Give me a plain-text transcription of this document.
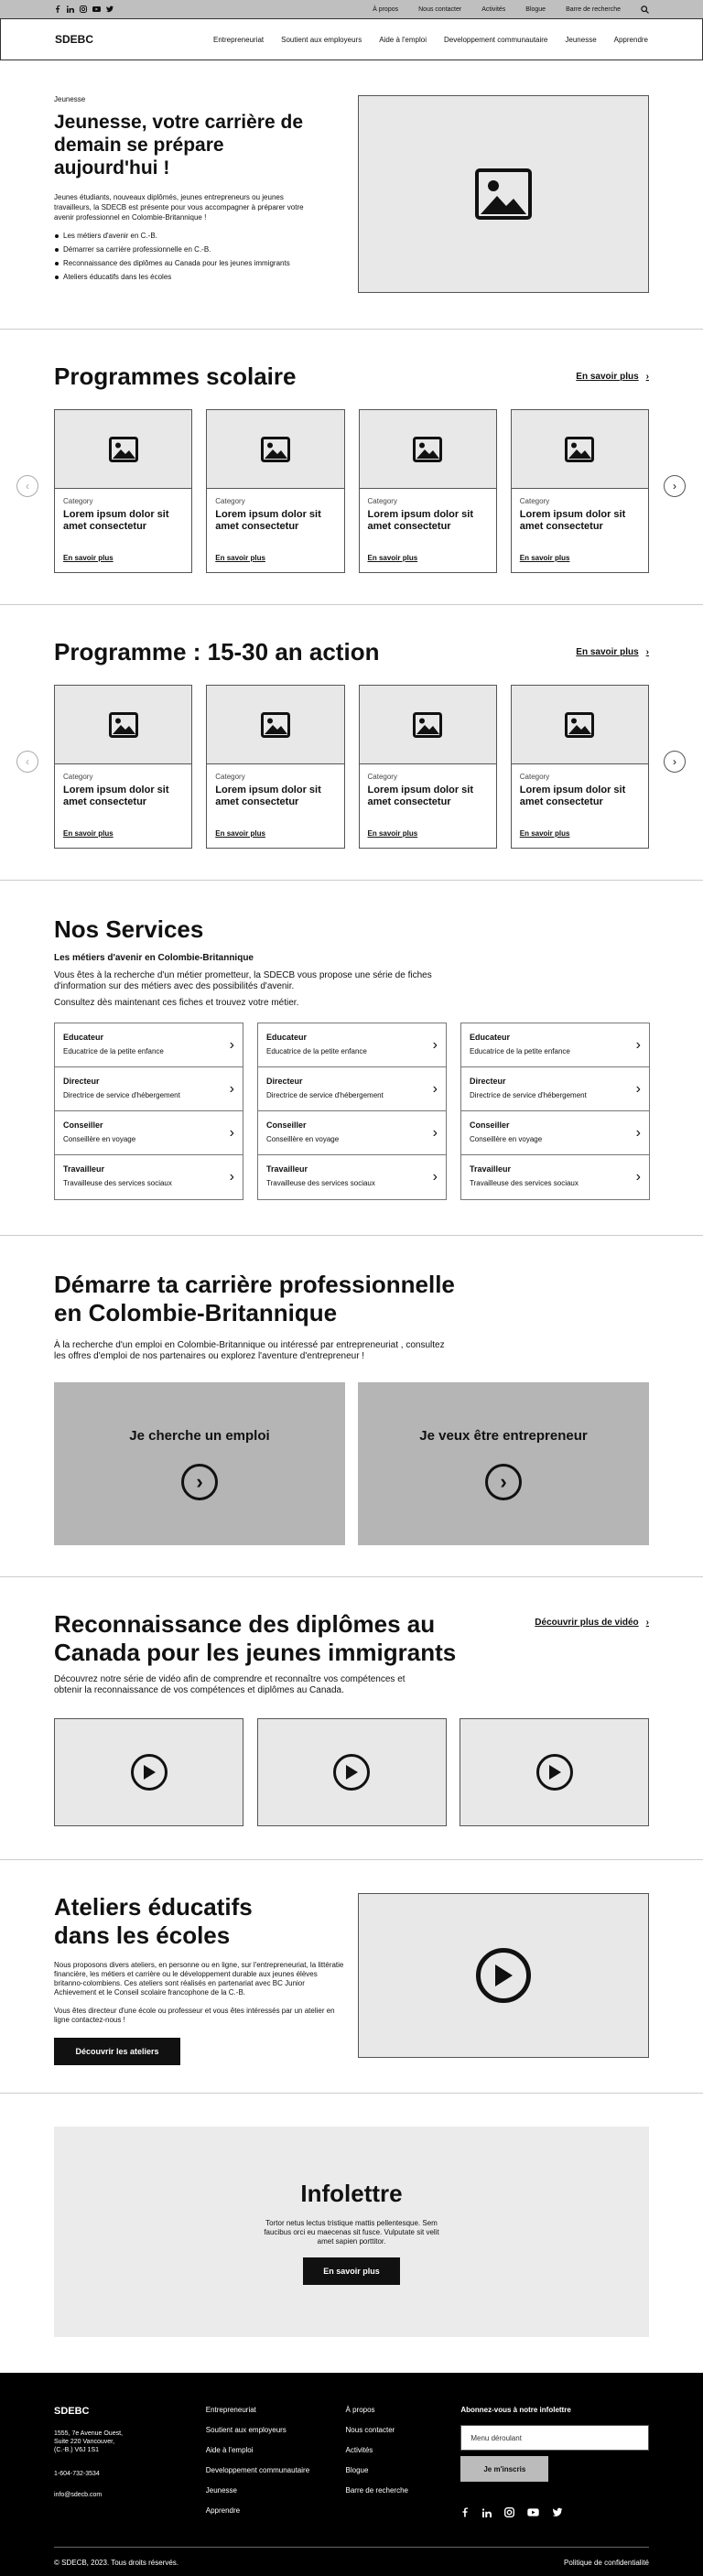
À propos	Nous contacter	Activités	Blogue	Barre de recherche
SDEBC	Entrepreneuriat Soutient aux employeurs Aide à l'emploi Developpement communautaire Jeunesse Apprendre
Jeunesse
Jeunesse, votre carrière de demain se prépare aujourd'hui !

Jeunes étudiants, nouveaux diplômés, jeunes entrepreneurs ou jeunes travailleurs, la SDECB est présente pour vous accompagner à préparer votre avenir professionnel en Colombie-Britannique !

Les métiers d'avenir en C.-B.
Démarrer sa carrière professionnelle en C.-B.
Reconnaissance des diplômes au Canada pour les jeunes immigrants
Ateliers éducatifs dans les écoles
Programmes scolaire	En savoir plus ›
Category
Lorem ipsum dolor sit amet consectetur
En savoir plus
Category
Lorem ipsum dolor sit amet consectetur
En savoir plus
Category
Lorem ipsum dolor sit amet consectetur
En savoir plus
Category
Lorem ipsum dolor sit amet consectetur
En savoir plus
‹	›
Programme : 15-30 an action	En savoir plus ›
Category
Lorem ipsum dolor sit amet consectetur
En savoir plus
Category
Lorem ipsum dolor sit amet consectetur
En savoir plus
Category
Lorem ipsum dolor sit amet consectetur
En savoir plus
Category
Lorem ipsum dolor sit amet consectetur
En savoir plus
‹	›
Nos Services
Les métiers d'avenir en Colombie-Britannique

Vous êtes à la recherche d'un métier prometteur, la SDECB vous propose une série de fiches d'information sur des métiers avec des possibilités d'avenir.

Consultez dès maintenant ces fiches et trouvez votre métier.

Educateur
Educatrice de la petite enfance	›
Directeur
Directrice de service d'hébergement	›
Conseiller
Conseillère en voyage	›
Travailleur
Travailleuse des services sociaux	›
Educateur
Educatrice de la petite enfance	›
Directeur
Directrice de service d'hébergement	›
Conseiller
Conseillère en voyage	›
Travailleur
Travailleuse des services sociaux	›
Educateur
Educatrice de la petite enfance	›
Directeur
Directrice de service d'hébergement	›
Conseiller
Conseillère en voyage	›
Travailleur
Travailleuse des services sociaux	›
Démarre ta carrière professionnelle en Colombie-Britannique

À la recherche d'un emploi en Colombie-Britannique ou intéressé par entrepreneuriat , consultez les offres d'emploi de nos partenaires ou explorez l'aventure d'entrepreneur !

Je cherche un emploi
›
Je veux être entrepreneur
›
Reconnaissance des diplômes au Canada pour les jeunes immigrants
Découvrir plus de vidéo ›

Découvrez notre série de vidéo afin de comprendre et reconnaître vos compétences et obtenir la reconnaissance de vos compétences et diplômes au Canada.

Ateliers éducatifs dans les écoles

Nous proposons divers ateliers, en personne ou en ligne, sur l'entrepreneuriat, la littératie financière, les métiers et carrière ou le développement durable aux jeunes élèves britanno-colombiens. Ces ateliers sont réalisés en partenariat avec BC Junior Achievement et le Conseil scolaire francophone de la C.-B.

Vous êtes directeur d'une école ou professeur et vous êtes intéressés par un atelier en ligne contactez-nous !

Découvrir les ateliers
Infolettre

Tortor netus lectus tristique mattis pellentesque. Sem faucibus orci eu maecenas sit fusce. Vulputate sit velit amet sapien porttitor.

En savoir plus
SDEBC
1555, 7e Avenue Ouest,
Suite 220 Vancouver,
(C.-B.) V6J 1S1
1-604-732-3534
info@sdecb.com
Entrepreneuriat
Soutient aux employeurs
Aide à l'emploi
Developpement communautaire
Jeunesse
Apprendre
À propos
Nous contacter
Activités
Blogue
Barre de recherche
Abonnez-vous à notre infolettre
Menu déroulant
Je m'inscris
© SDECB, 2023. Tous droits réservés.	Politique de confidentialité
